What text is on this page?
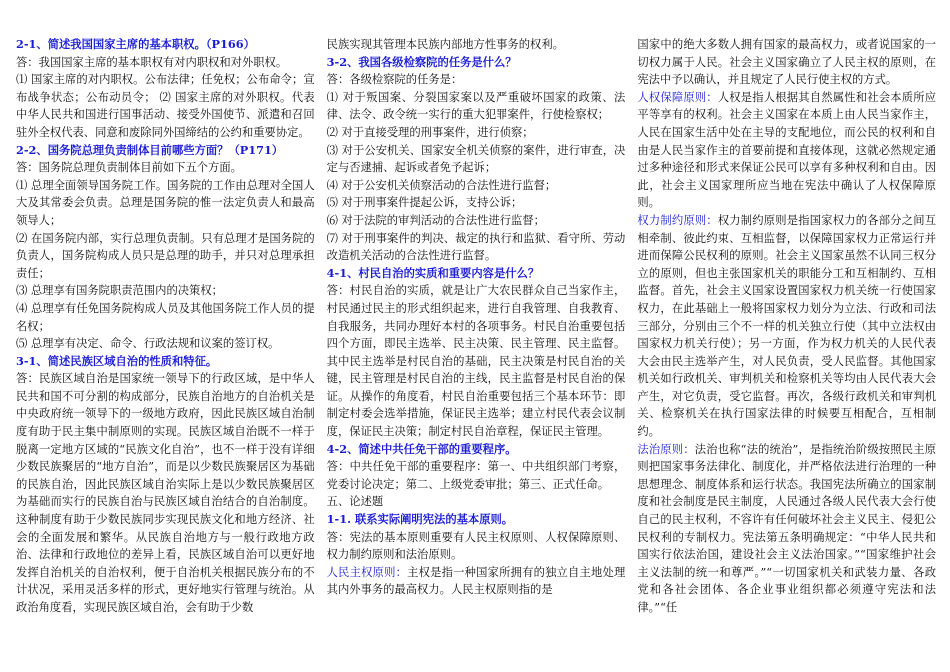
2-1、简述我国国家主席的基本职权。（P166）

答：我国国家主席的基本职权有对内职权和对外职权。

⑴ 国家主席的对内职权。公布法律；任免权；公布命令；宣布战争状态；公布动员令； ⑵ 国家主席的对外职权。代表中华人民共和国进行国事活动、接受外国使节、派遣和召回驻外全权代表、同意和废除同外国缔结的公约和重要协定。

2-2、国务院总理负责制体目前哪些方面？（P171）

答：国务院总理负责制体目前如下五个方面。

⑴ 总理全面领导国务院工作。国务院的工作由总理对全国人大及其常委会负责。总理是国务院的惟一法定负责人和最高领导人；

⑵ 在国务院内部，实行总理负责制。只有总理才是国务院的负责人，国务院构成人员只是总理的助手，并只对总理承担责任；

⑶ 总理享有国务院职责范围内的决策权；

⑷ 总理享有任免国务院构成人员及其他国务院工作人员的提名权；

⑸ 总理享有决定、命令、行政法规和议案的签订权。

3-1、简述民族区域自治的性质和特征。

答：民族区域自治是国家统一领导下的行政区域，是中华人民共和国不可分割的构成部分，民族自治地方的自治机关是中央政府统一领导下的一级地方政府，因此民族区域自治制度有助于民主集中制原则的实现。民族区域自治既不一样于脱离一定地方区域的“民族文化自治”，也不一样于没有详细少数民族聚居的“地方自治”，而是以少数民族聚居区为基础的民族自治，因此民族区域自治实际上是以少数民族聚居区为基础而实行的民族自治与民族区域自治结合的自治制度。这种制度有助于少数民族同步实现民族文化和地方经济、社会的全面发展和繁华。从民族自治地方与一般行政地方政治、法律和行政地位的差异上看，民族区域自治可以更好地发挥自治机关的自治权利，便于自治机关根据民族分布的不计状况，采用灵活多样的形式，更好地实行管理与统治。从政治角度看，实现民族区域自治，会有助于少数

民族实现其管理本民族内部地方性事务的权利。

3-2、我国各级检察院的任务是什么？

答：各级检察院的任务是：

⑴ 对于叛国案、分裂国家案以及严重破坏国家的政策、法律、法令、政令统一实行的重大犯罪案件，行使检察权；

⑵ 对于直接受理的刑事案件，进行侦察；

⑶ 对于公安机关、国家安全机关侦察的案件，进行审查，决定与否逮捕、起诉或者免予起诉；

⑷ 对于公安机关侦察活动的合法性进行监督；

⑸ 对于刑事案件提起公诉，支持公诉；

⑹ 对于法院的审判活动的合法性进行监督；

⑺ 对于刑事案件的判决、裁定的执行和监狱、看守所、劳动改造机关活动的合法性进行监督。

4-1、村民自治的实质和重要内容是什么？

答：村民自治的实质，就是让广大农民群众自己当家作主，村民通过民主的形式组织起来，进行自我管理、自我教育、自我服务，共同办理好本村的各项事务。村民自治重要包括四个方面，即民主选举、民主决策、民主管理、民主监督。其中民主选举是村民自治的基础，民主决策是村民自治的关键，民主管理是村民自治的主线，民主监督是村民自治的保证。从操作的角度看，村民自治重要包括三个基本环节：即制定村委会选举措施，保证民主选举；建立村民代表会议制度，保证民主决策；制定村民自治章程，保证民主管理。

4-2、简述中共任免干部的重要程序。

答：中共任免干部的重要程序：第一、中共组织部门考察，党委讨论决定；第二、上级党委审批；第三、正式任命。

五、论述题

1-1. 联系实际阐明宪法的基本原则。

答：宪法的基本原则重要有人民主权原则、人权保障原则、权力制约原则和法治原则。

人民主权原则：主权是指一种国家所拥有的独立自主地处理其内外事务的最高权力。人民主权原则指的是

国家中的绝大多数人拥有国家的最高权力，或者说国家的一切权力属于人民。社会主义国家确立了人民主权的原则，在宪法中予以确认，并且规定了人民行使主权的方式。

人权保障原则：人权是指人根据其自然属性和社会本质所应平等享有的权利。社会主义国家在本质上由人民当家作主，人民在国家生活中处在主导的支配地位，而公民的权利和自由是人民当家作主的首要前提和直接体现，这就必然规定通过多种途径和形式来保证公民可以享有多种权利和自由。因此，社会主义国家理所应当地在宪法中确认了人权保障原则。

权力制约原则：权力制约原则是指国家权力的各部分之间互相牵制、彼此约束、互相监督，以保障国家权力正常运行并进而保障公民权利的原则。社会主义国家虽然不认同三权分立的原则，但也主张国家机关的职能分工和互相制约、互相监督。首先，社会主义国家设置国家权力机关统一行使国家权力，在此基础上一般将国家权力划分为立法、行政和司法三部分，分别由三个不一样的机关独立行使（其中立法权由国家权力机关行使）；另一方面，作为权力机关的人民代表大会由民主选举产生，对人民负责，受人民监督。其他国家机关如行政机关、审判机关和检察机关等均由人民代表大会产生，对它负责，受它监督。再次，各级行政机关和审判机关、检察机关在执行国家法律的时候要互相配合，互相制约。

法治原则：法治也称“法的统治”，是指统治阶级按照民主原则把国家事务法律化、制度化，并严格依法进行治理的一种思想理念、制度体系和运行状态。我国宪法所确立的国家制度和社会制度是民主制度，人民通过各级人民代表大会行使自己的民主权利，不容许有任何破坏社会主义民主、侵犯公民权利的专制权力。宪法第五条明确规定：“中华人民共和国实行依法治国，建设社会主义法治国家。”“国家维护社会主义法制的统一和尊严。”“一切国家机关和武装力量、各政党和各社会团体、各企业事业组织都必须遵守宪法和法律。”“任
